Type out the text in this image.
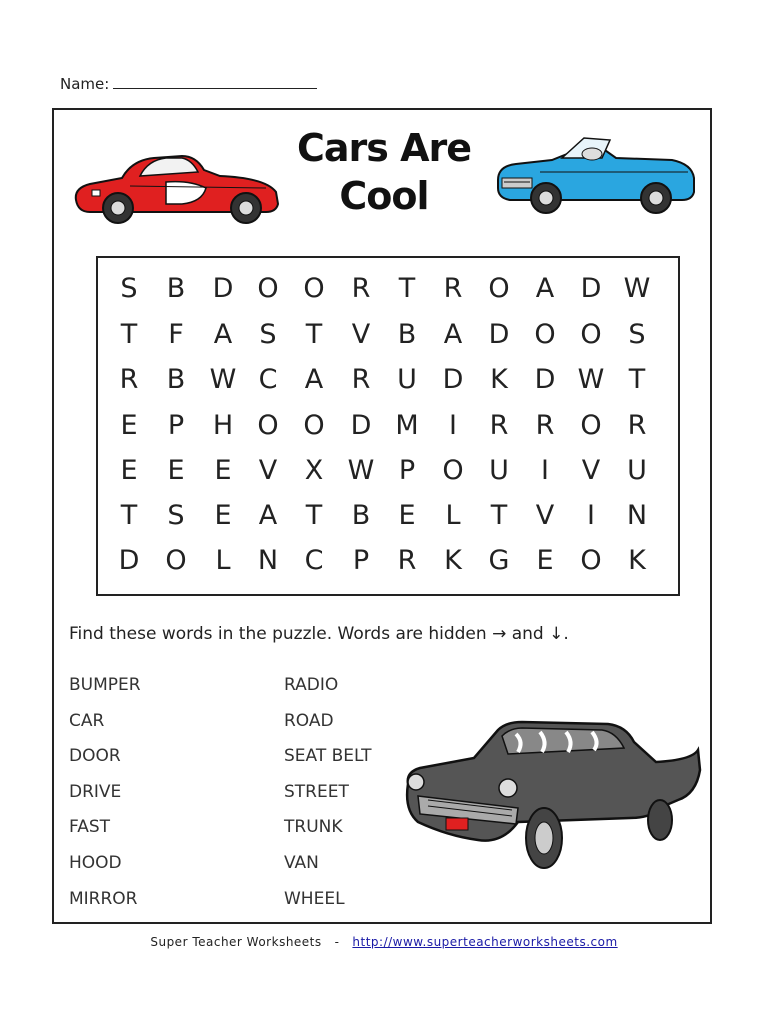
Name:
Cars Are
Cool
S B D O O R T R O A D W
T F A S T V B A D O O S
R B W C A R U D K D W T
E P H O O D M	I	R R O R
E E E V X W P O U	I	V U
T S E A T B E L T V	I	N
D O L N C P R K G E O K
Find these words in the puzzle. Words are hidden → and ↓.
BUMPER
CAR
DOOR
DRIVE
FAST
HOOD
MIRROR
RADIO
ROAD
SEAT BELT
STREET
TRUNK
VAN
WHEEL
Super Teacher Worksheets - http://www.superteacherworksheets.com
